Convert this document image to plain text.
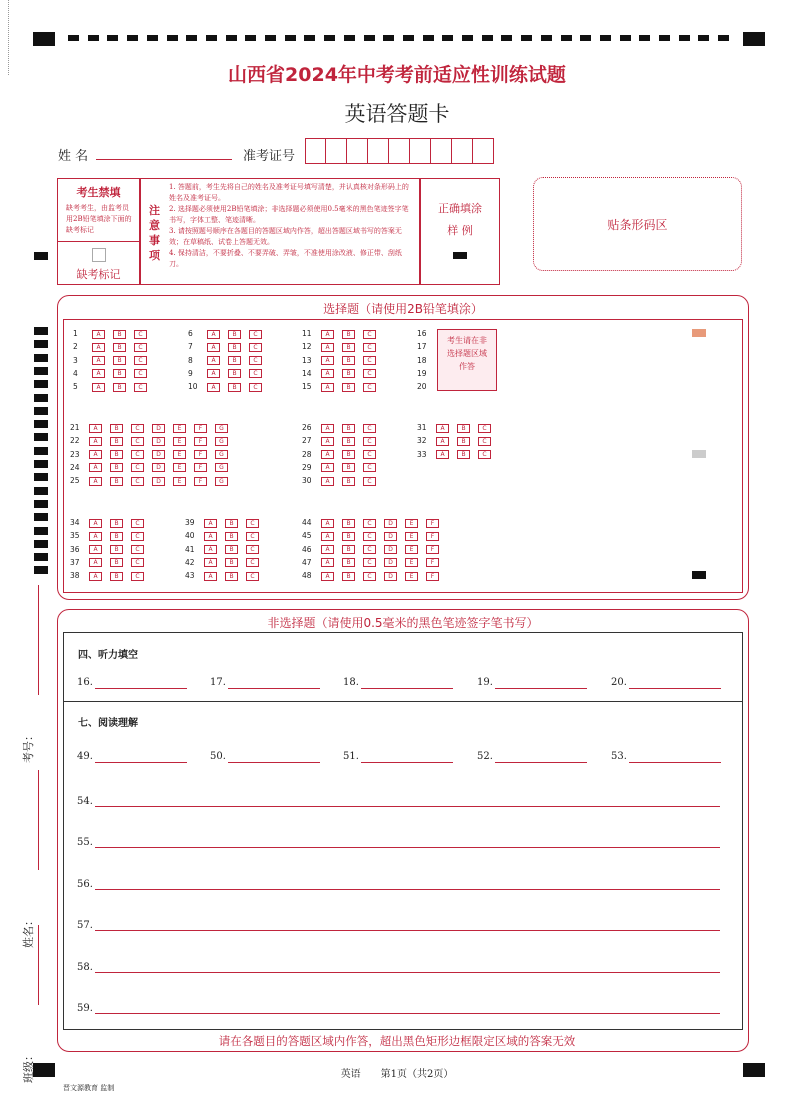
山西省2024年中考考前适应性训练试题
英语答题卡
姓 名	准考证号
考生禁填
缺考考生，由监考员用2B铅笔填涂下面的缺考标记
缺考标记
注意事项
1. 答题前，考生先将自己的姓名及准考证号填写清楚，并认真核对条形码上的姓名及准考证号。
2. 选择题必须使用2B铅笔填涂；非选择题必须使用0.5毫米的黑色笔迹签字笔书写，字体工整、笔迹清晰。
3. 请按照题号顺序在各题目的答题区域内作答，超出答题区域书写的答案无效；在草稿纸、试卷上答题无效。
4. 保持清洁，不要折叠、不要弄破、弄皱，不准使用涂改液、修正带、刮纸刀。
正确填涂
样 例	贴条形码区
选择题（请使用2B铅笔填涂）
考生请在非选择题区域作答
1	A	B	C
2	A	B	C
3	A	B	C
4	A	B	C
5	A	B	C
6	A	B	C
7	A	B	C
8	A	B	C
9	A	B	C
10 A	B	C
11 A	B	C
12 A	B	C
13 A	B	C
14 A	B	C
15 A	B	C
16
17
18
19
20
21 A	B	C	D	E	F	G
22 A	B	C	D	E	F	G
23 A	B	C	D	E	F	G
24 A	B	C	D	E	F	G
25 A	B	C	D	E	F	G
26 A	B	C
27 A	B	C
28 A	B	C
29 A	B	C
30 A	B	C
31 A	B	C
32 A	B	C
33 A	B	C
34 A	B	C
35 A	B	C
36 A	B	C
37 A	B	C
38 A	B	C
39 A	B	C
40 A	B	C
41 A	B	C
42 A	B	C
43 A	B	C
44 A	B	C	D	E	F
45 A	B	C	D	E	F
46 A	B	C	D	E	F
47 A	B	C	D	E	F
48 A	B	C	D	E	F
非选择题（请使用0.5毫米的黑色笔迹签字笔书写）
四、听力填空
16.	17.	18.	19.	20.
七、阅读理解
49.	50.	51.	52.	53.
54.
55.
56.
57.
58.
59.
请在各题目的答题区域内作答，超出黑色矩形边框限定区域的答案无效
考号：
姓名：
班级：	英语　　第1页（共2页）
晋文源教育 监制
